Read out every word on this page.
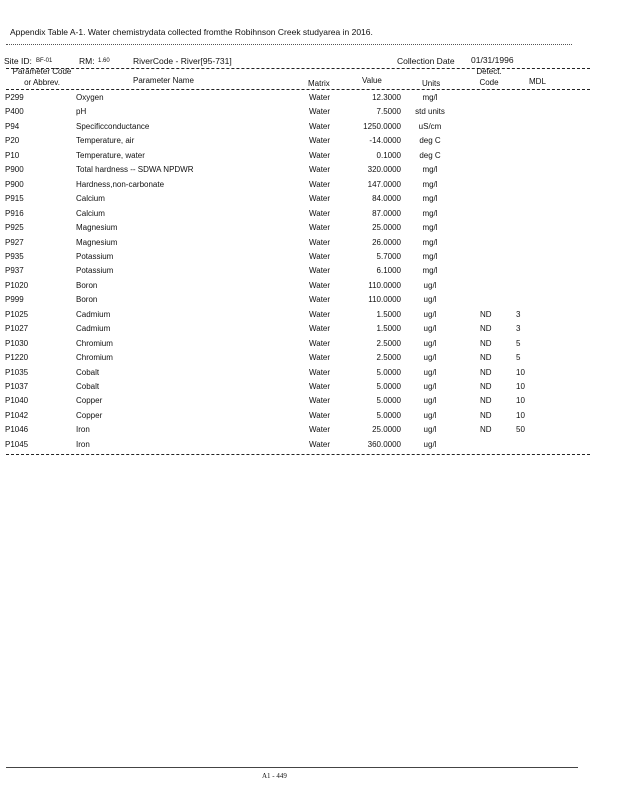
Appendix Table A-1. Water chemistrydata collected fromthe Robihnson Creek studyarea in 2016.
Site ID: BF-01	RM: 1.60	RiverCode - River[95-731]	Collection Date 01/31/1996
Parameter Code
or Abbrev.	Parameter Name	Matrix	Value	Units
Detect.
Code	MDL
P299	Oxygen	Water	12.3000	mg/l
P400	pH	Water	7.5000	std units
P94	Specificconductance	Water	1250.0000	uS/cm
P20	Temperature, air	Water	-14.0000	deg C
P10	Temperature, water	Water	0.1000	deg C
P900	Total hardness -- SDWA NPDWR	Water	320.0000	mg/l
P900	Hardness,non-carbonate	Water	147.0000	mg/l
P915	Calcium	Water	84.0000	mg/l
P916	Calcium	Water	87.0000	mg/l
P925	Magnesium	Water	25.0000	mg/l
P927	Magnesium	Water	26.0000	mg/l
P935	Potassium	Water	5.7000	mg/l
P937	Potassium	Water	6.1000	mg/l
P1020	Boron	Water	110.0000	ug/l
P999	Boron	Water	110.0000	ug/l
P1025	Cadmium	Water	1.5000	ug/l	ND	3
P1027	Cadmium	Water	1.5000	ug/l	ND	3
P1030	Chromium	Water	2.5000	ug/l	ND	5
P1220	Chromium	Water	2.5000	ug/l	ND	5
P1035	Cobalt	Water	5.0000	ug/l	ND	10
P1037	Cobalt	Water	5.0000	ug/l	ND	10
P1040	Copper	Water	5.0000	ug/l	ND	10
P1042	Copper	Water	5.0000	ug/l	ND	10
P1046	Iron	Water	25.0000	ug/l	ND	50
P1045	Iron	Water	360.0000	ug/l
A1 - 449
